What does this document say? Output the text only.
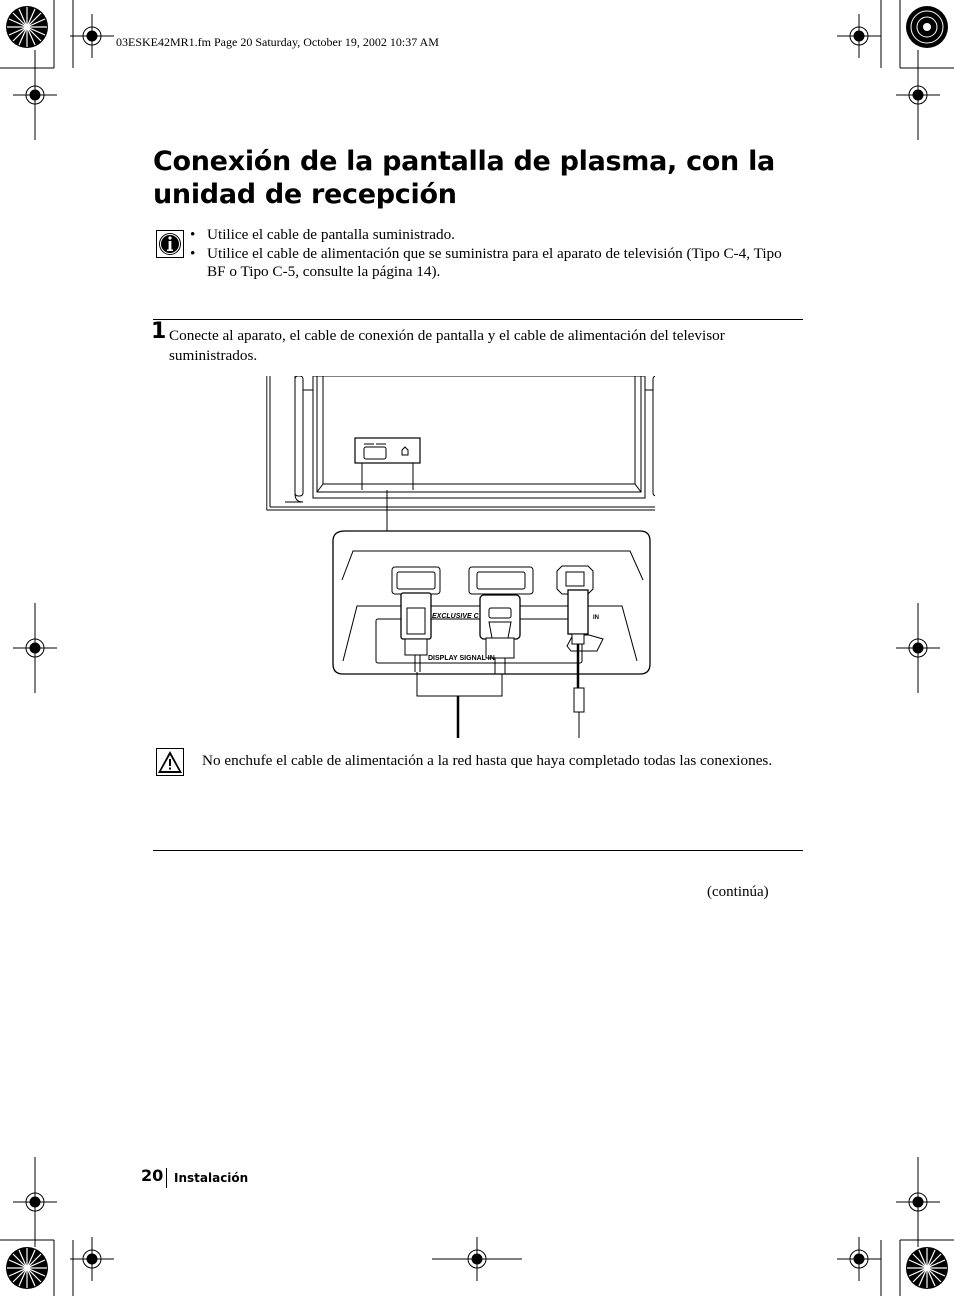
03ESKE42MR1.fm Page 20 Saturday, October 19, 2002 10:37 AM
Conexión de la pantalla de plasma, con la unidad de recepción
• Utilice el cable de pantalla suministrado.
• Utilice el cable de alimentación que se suministra para el aparato de televisión (Tipo C-4, Tipo BF o Tipo C-5, consulte la página 14).
1 Conecte al aparato, el cable de conexión de pantalla y el cable de alimentación del televisor suministrados.
EXCLUSIVE C
DISPLAY SIGNAL IN
IN
No enchufe el cable de alimentación a la red hasta que haya completado todas las conexiones.
(continúa)
20 Instalación
